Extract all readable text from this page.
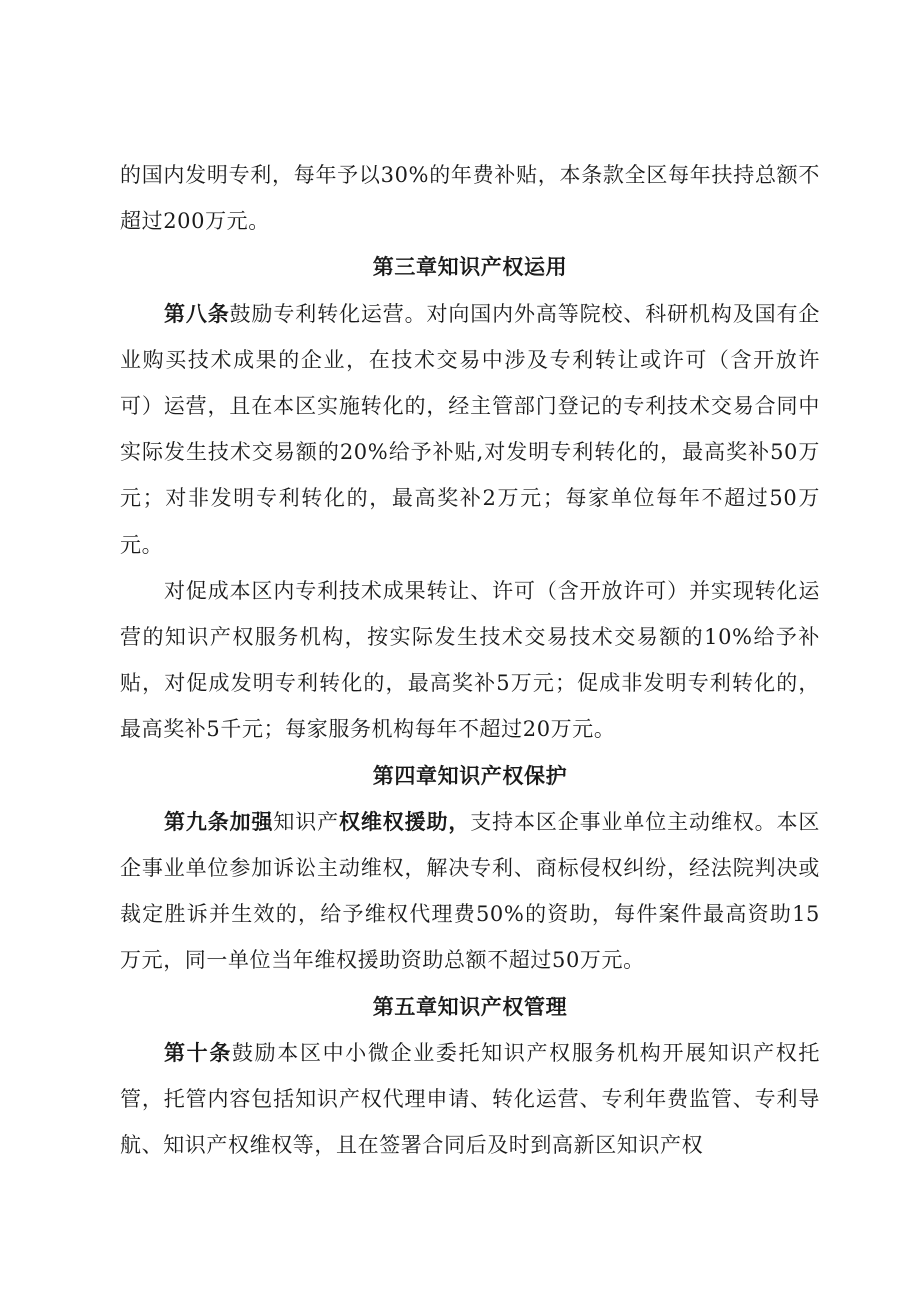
的国内发明专利，每年予以30%的年费补贴，本条款全区每年扶持总额不超过200万元。

第三章知识产权运用

第八条鼓励专利转化运营。对向国内外高等院校、科研机构及国有企业购买技术成果的企业，在技术交易中涉及专利转让或许可（含开放许可）运营，且在本区实施转化的，经主管部门登记的专利技术交易合同中实际发生技术交易额的20%给予补贴,对发明专利转化的，最高奖补50万元；对非发明专利转化的，最高奖补2万元；每家单位每年不超过50万元。

对促成本区内专利技术成果转让、许可（含开放许可）并实现转化运营的知识产权服务机构，按实际发生技术交易技术交易额的10%给予补贴，对促成发明专利转化的，最高奖补5万元；促成非发明专利转化的，最高奖补5千元；每家服务机构每年不超过20万元。

第四章知识产权保护

第九条加强知识产权维权援助，支持本区企事业单位主动维权。本区企事业单位参加诉讼主动维权，解决专利、商标侵权纠纷，经法院判决或裁定胜诉并生效的，给予维权代理费50%的资助，每件案件最高资助15万元，同一单位当年维权援助资助总额不超过50万元。

第五章知识产权管理

第十条鼓励本区中小微企业委托知识产权服务机构开展知识产权托管，托管内容包括知识产权代理申请、转化运营、专利年费监管、专利导航、知识产权维权等，且在签署合同后及时到高新区知识产权
